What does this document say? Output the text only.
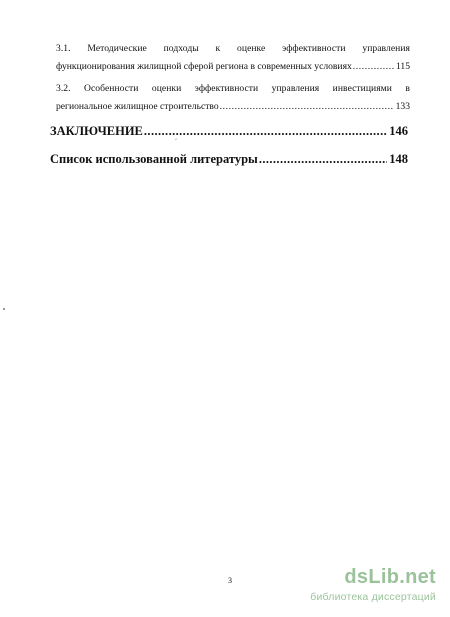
3.1. Методические подходы к оценке эффективности управления
функционирования жилищной сферой региона в современных условиях .....	115

3.2. Особенности оценки эффективности управления инвестициями в
региональное жилищное строительство .....	133

ЗАКЛЮЧЕНИЕ .....	146
Список использованной литературы .....	148
´
3	dsLib.net
библиотека диссертаций
